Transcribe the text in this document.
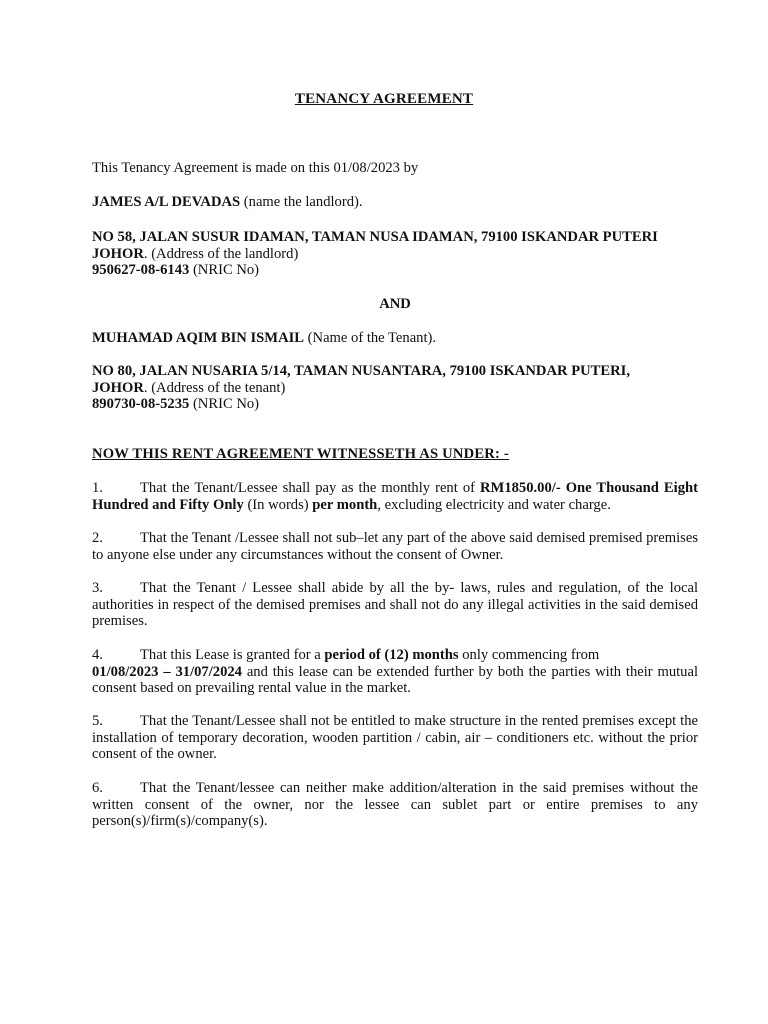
TENANCY AGREEMENT

This Tenancy Agreement is made on this 01/08/2023 by

JAMES A/L DEVADAS (name the landlord).

NO 58, JALAN SUSUR IDAMAN, TAMAN NUSA IDAMAN, 79100 ISKANDAR PUTERI
JOHOR. (Address of the landlord)
950627-08-6143 (NRIC No)
AND

MUHAMAD AQIM BIN ISMAIL (Name of the Tenant).

NO 80, JALAN NUSARIA 5/14, TAMAN NUSANTARA, 79100 ISKANDAR PUTERI,
JOHOR. (Address of the tenant)
890730-08-5235 (NRIC No)
NOW THIS RENT AGREEMENT WITNESSETH AS UNDER: -

1.	That the Tenant/Lessee shall pay as the monthly rent of RM1850.00/- One Thousand Eight Hundred and Fifty Only (In words) per month, excluding electricity and water charge.

2.	That the Tenant /Lessee shall not sub–let any part of the above said demised premised premises to anyone else under any circumstances without the consent of Owner.

3.	That the Tenant / Lessee shall abide by all the by- laws, rules and regulation, of the local authorities in respect of the demised premises and shall not do any illegal activities in the said demised premises.

4.	That this Lease is granted for a period of (12) months only commencing from
01/08/2023 – 31/07/2024 and this lease can be extended further by both the parties with their mutual consent based on prevailing rental value in the market.

5.	That the Tenant/Lessee shall not be entitled to make structure in the rented premises except the installation of temporary decoration, wooden partition / cabin, air – conditioners etc. without the prior consent of the owner.

6.	That the Tenant/lessee can neither make addition/alteration in the said premises without the written consent of the owner, nor the lessee can sublet part or entire premises to any person(s)/firm(s)/company(s).
